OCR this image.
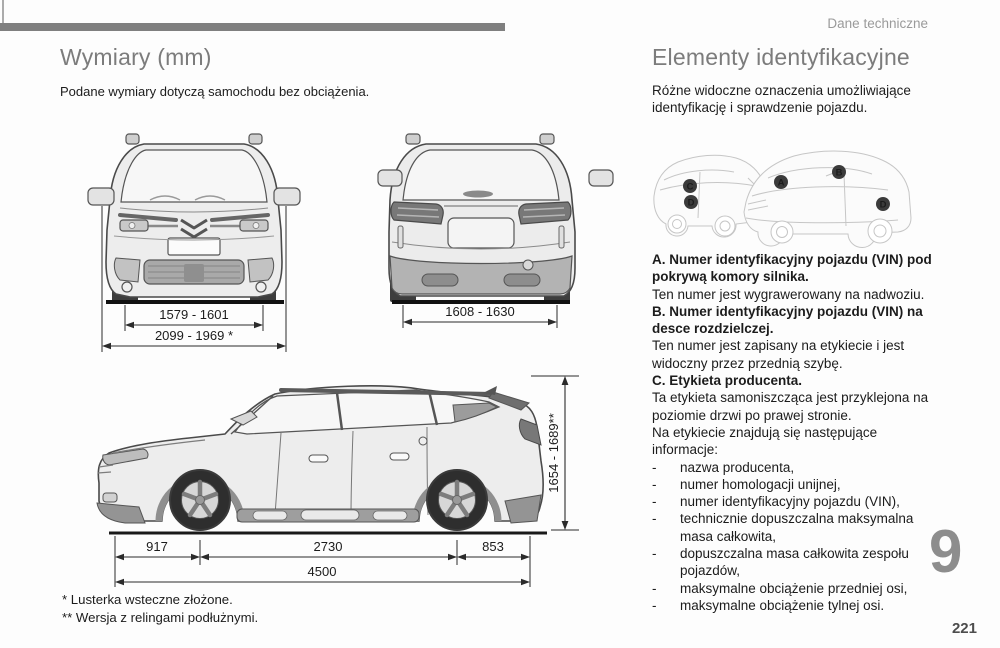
Dane techniczne
Wymiary (mm)
Podane wymiary dotyczą samochodu bez obciążenia.
1579 - 1601
2099 - 1969 *
1608 - 1630
917	2730	853
4500
1654 - 1689**
* Lusterka wsteczne złożone.
** Wersja z relingami podłużnymi.
Elementy identyfikacyjne
Różne widoczne oznaczenia umożliwiające identyfikację i sprawdzenie pojazdu.
A
B
C
D	D

A. Numer identyfikacyjny pojazdu (VIN) pod pokrywą komory silnika.

Ten numer jest wygrawerowany na nadwoziu.

B. Numer identyfikacyjny pojazdu (VIN) na desce rozdzielczej.

Ten numer jest zapisany na etykiecie i jest widoczny przez przednią szybę.

C. Etykieta producenta.

Ta etykieta samoniszcząca jest przyklejona na poziomie drzwi po prawej stronie.

Na etykiecie znajdują się następujące informacje:

-	nazwa producenta,
-	numer homologacji unijnej,
-	numer identyfikacyjny pojazdu (VIN),
-	technicznie dopuszczalna maksymalna masa całkowita,
-	dopuszczalna masa całkowita zespołu pojazdów,
-	maksymalne obciążenie przedniej osi,
-	maksymalne obciążenie tylnej osi.
9
221
